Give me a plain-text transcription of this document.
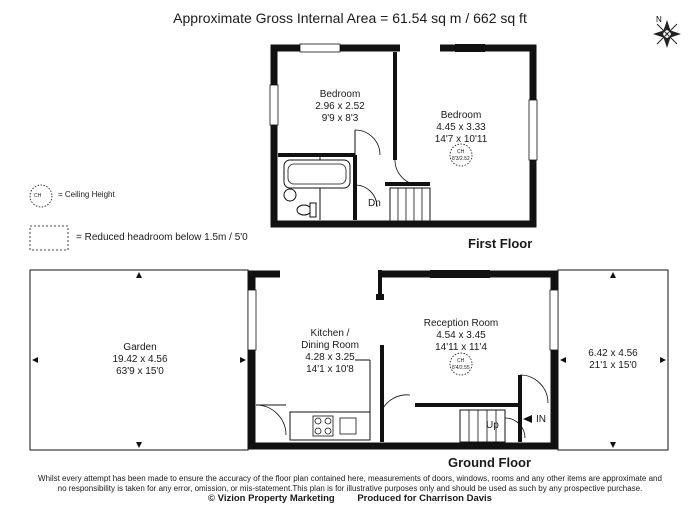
Approximate Gross Internal Area = 61.54 sq m / 662 sq ft	N
CH = Ceiling Height
= Reduced headroom below 1.5m / 5'0
Bedroom
2.96 x 2.52
9'9 x 8'3	Bedroom
4.45 x 3.33
14'7 x 10'11
CH
8'3/2.52
Dn
First Floor
Garden
19.42 x 4.56
63'9 x 15'0
Kitchen /
Dining Room
4.28 x 3.25
14'1 x 10'8
Reception Room
4.54 x 3.45
14'11 x 11'4
CH
8'4/2.55
6.42 x 4.56
21'1 x 15'0
Up
IN
Ground Floor
Whilst every attempt has been made to ensure the accuracy of the floor plan contained here, measurements of doors, windows, rooms and any other items are approximate and
no responsibility is taken for any error, omission, or mis-statement.This plan is for illustrative purposes only and should be used as such by any prospective purchase.
© Vizion Property Marketing Produced for Charrison Davis
